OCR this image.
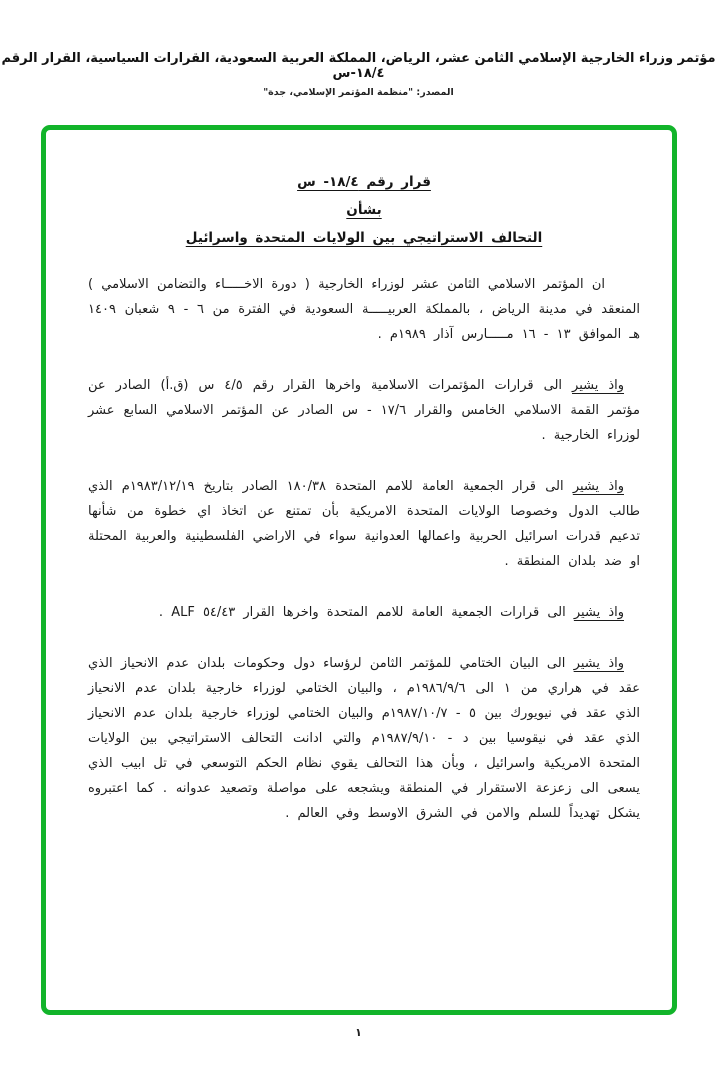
مؤتمر وزراء الخارجية الإسلامي الثامن عشر، الرياض، المملكة العربية السعودية، القرارات السياسية، القرار الرقم ١٨/٤-س
المصدر: "منظمة المؤتمر الإسلامي، جدة"
قرار رقم ١٨/٤- س
بشأن
التحالف الاستراتيجي بين الولايات المتحدة واسرائيل

ان المؤتمر الاسلامي الثامن عشر لوزراء الخارجية ( دورة الاخـــــاء والتضامن الاسلامي ) المنعقد في مدينة الرياض ، بالمملكة العربيـــــة السعودية في الفترة من ٦ - ٩ شعبان ١٤٠٩ هـ الموافق ١٣ - ١٦ مـــــارس آذار ١٩٨٩م .

واذ يشير الى قرارات المؤتمرات الاسلامية واخرها القرار رقم ٤/٥ س (ق.أ) الصادر عن مؤتمر القمة الاسلامي الخامس والقرار ١٧/٦ - س الصادر عن المؤتمر الاسلامي السابع عشر لوزراء الخارجية .

واذ يشير الى قرار الجمعية العامة للامم المتحدة ١٨٠/٣٨ الصادر بتاريخ ١٩٨٣/١٢/١٩م الذي طالب الدول وخصوصا الولايات المتحدة الامريكية بأن تمتنع عن اتخاذ اي خطوة من شأنها تدعيم قدرات اسرائيل الحربية واعمالها العدوانية سواء في الاراضي الفلسطينية والعربية المحتلة او ضد بلدان المنطقة .

واذ يشير الى قرارات الجمعية العامة للامم المتحدة واخرها القرار ٥٤/٤٣ ALF .

واذ يشير الى البيان الختامي للمؤتمر الثامن لرؤساء دول وحكومات بلدان عدم الانحياز الذي عقد في هراري من ١ الى ١٩٨٦/٩/٦م ، والبيان الختامي لوزراء خارجية بلدان عدم الانحياز الذي عقد في نيويورك بين ٥ - ١٩٨٧/١٠/٧م والبيان الختامي لوزراء خارجية بلدان عدم الانحياز الذي عقد في نيقوسيا بين د - ١٩٨٧/٩/١٠م والتي ادانت التحالف الاستراتيجي بين الولايات المتحدة الامريكية واسرائيل ، وبأن هذا التحالف يقوي نظام الحكم التوسعي في تل ابيب الذي يسعى الى زعزعة الاستقرار في المنطقة ويشجعه على مواصلة وتصعيد عدوانه . كما اعتبروه يشكل تهديداً للسلم والامن في الشرق الاوسط وفي العالم .

١
